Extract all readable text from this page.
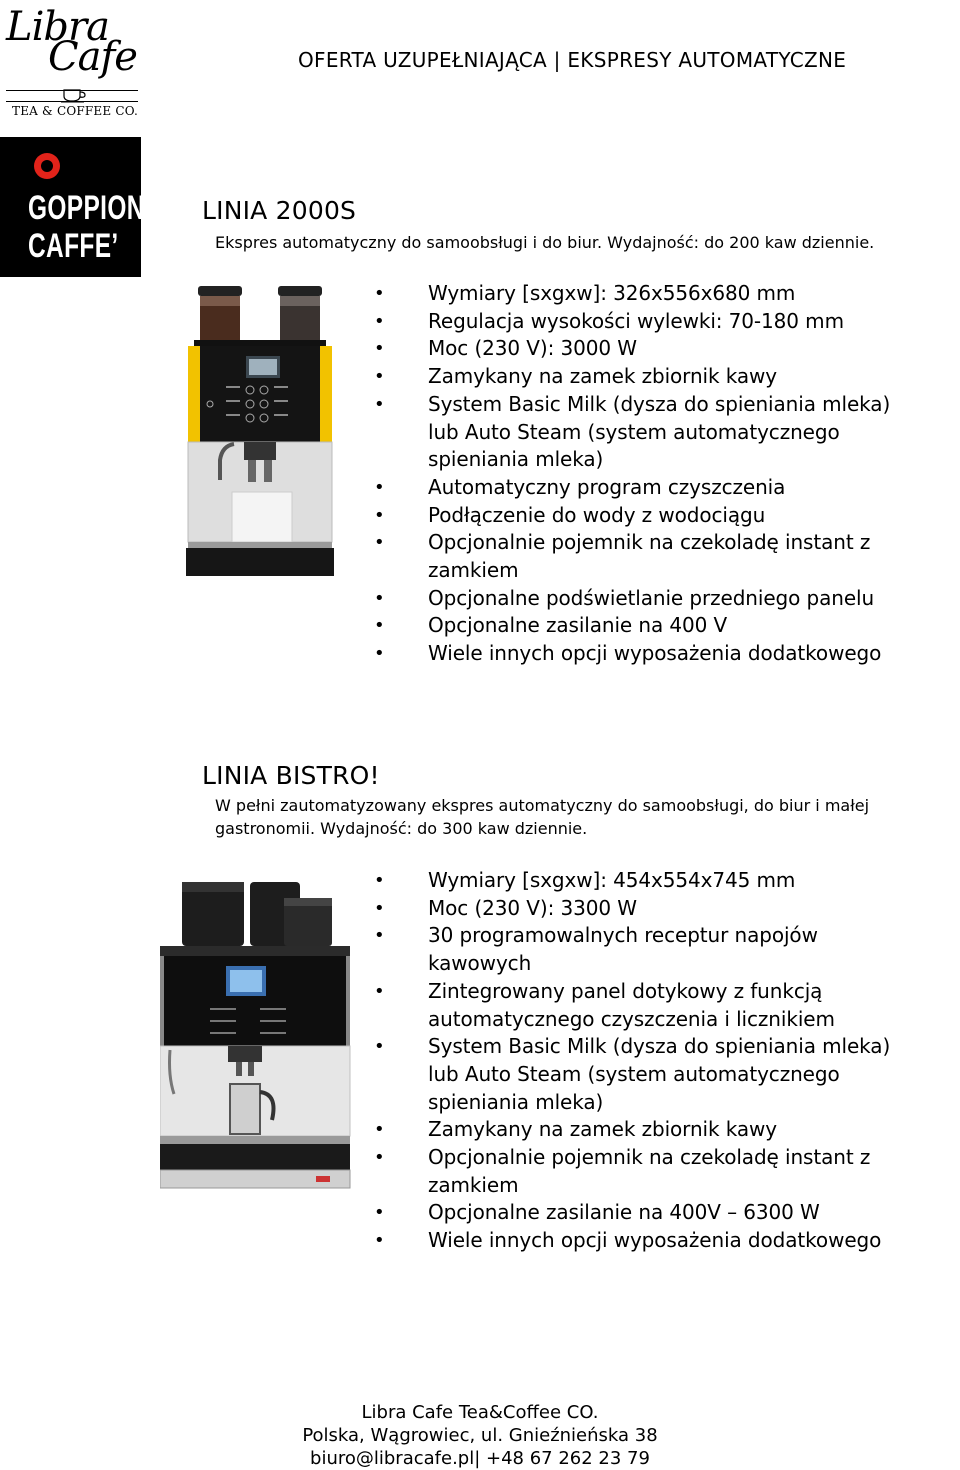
Libra
Cafe
TEA & COFFEE CO.
OFERTA UZUPEŁNIAJĄCA | EKSPRESY AUTOMATYCZNE
GOPPION
CAFFE’
LINIA 2000S
Ekspres automatyczny do samoobsługi i do biur. Wydajność: do 200 kaw dziennie.
• Wymiary [sxgxw]: 326x556x680 mm
• Regulacja wysokości wylewki: 70-180 mm
• Moc (230 V): 3000 W
• Zamykany na zamek zbiornik kawy
• System Basic Milk (dysza do spieniania mleka)
lub Auto Steam (system automatycznego
spieniania mleka)
• Automatyczny program czyszczenia
• Podłączenie do wody z wodociągu
• Opcjonalnie pojemnik na czekoladę instant z
zamkiem
• Opcjonalne podświetlanie przedniego panelu
• Opcjonalne zasilanie na 400 V
• Wiele innych opcji wyposażenia dodatkowego
LINIA BISTRO!
W pełni zautomatyzowany ekspres automatyczny do samoobsługi, do biur i małej
gastronomii. Wydajność: do 300 kaw dziennie.
• Wymiary [sxgxw]: 454x554x745 mm
• Moc (230 V): 3300 W
• 30 programowalnych receptur napojów
kawowych
• Zintegrowany panel dotykowy z funkcją
automatycznego czyszczenia i licznikiem
• System Basic Milk (dysza do spieniania mleka)
lub Auto Steam (system automatycznego
spieniania mleka)
• Zamykany na zamek zbiornik kawy
• Opcjonalnie pojemnik na czekoladę instant z
zamkiem
• Opcjonalne zasilanie na 400V – 6300 W
• Wiele innych opcji wyposażenia dodatkowego
Libra Cafe Tea&Coffee CO.
Polska, Wągrowiec, ul. Gnieźnieńska 38
biuro@libracafe.pl| +48 67 262 23 79
